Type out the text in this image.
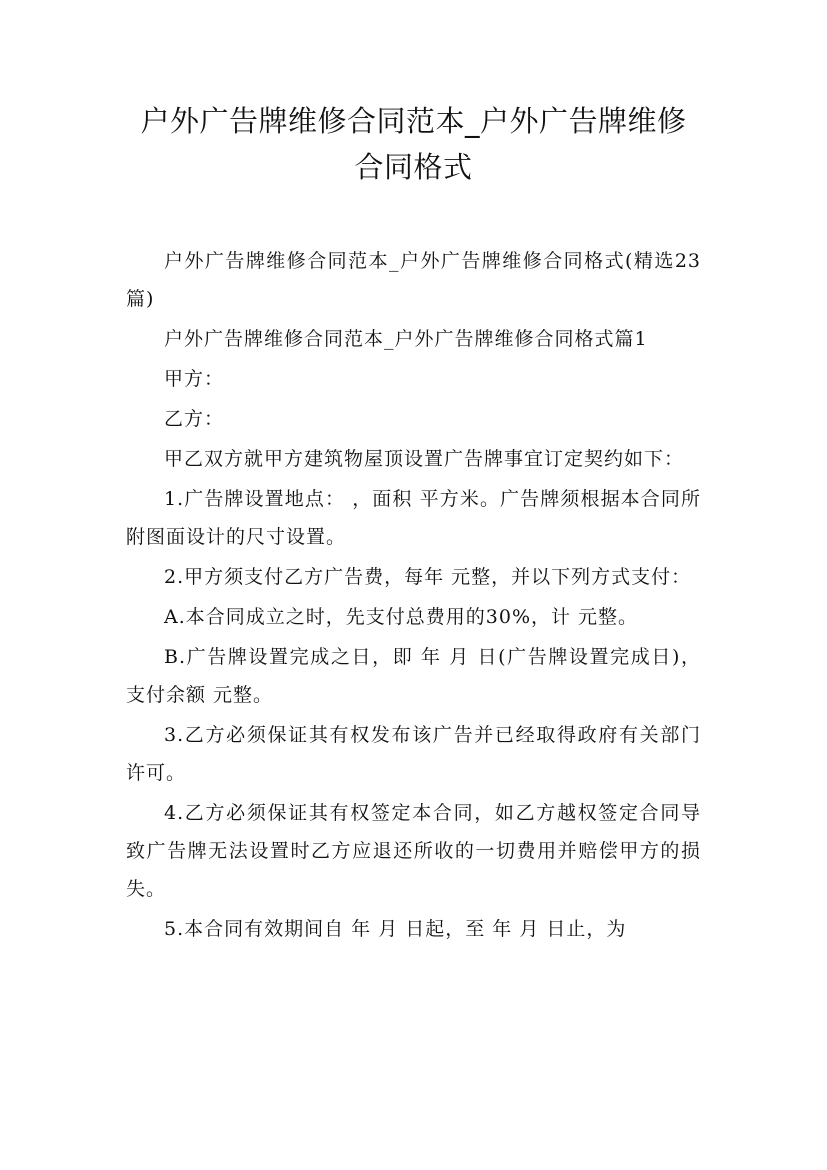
户外广告牌维修合同范本_户外广告牌维修
合同格式

户外广告牌维修合同范本_户外广告牌维修合同格式(精选23篇)

户外广告牌维修合同范本_户外广告牌维修合同格式篇1

甲方：

乙方：

甲乙双方就甲方建筑物屋顶设置广告牌事宜订定契约如下：

1.广告牌设置地点： ，面积 平方米。广告牌须根据本合同所附图面设计的尺寸设置。

2.甲方须支付乙方广告费，每年 元整，并以下列方式支付：

A.本合同成立之时，先支付总费用的30%，计 元整。

B.广告牌设置完成之日，即 年 月 日(广告牌设置完成日)，支付余额 元整。

3.乙方必须保证其有权发布该广告并已经取得政府有关部门许可。

4.乙方必须保证其有权签定本合同，如乙方越权签定合同导致广告牌无法设置时乙方应退还所收的一切费用并赔偿甲方的损失。

5.本合同有效期间自 年 月 日起，至 年 月 日止，为
